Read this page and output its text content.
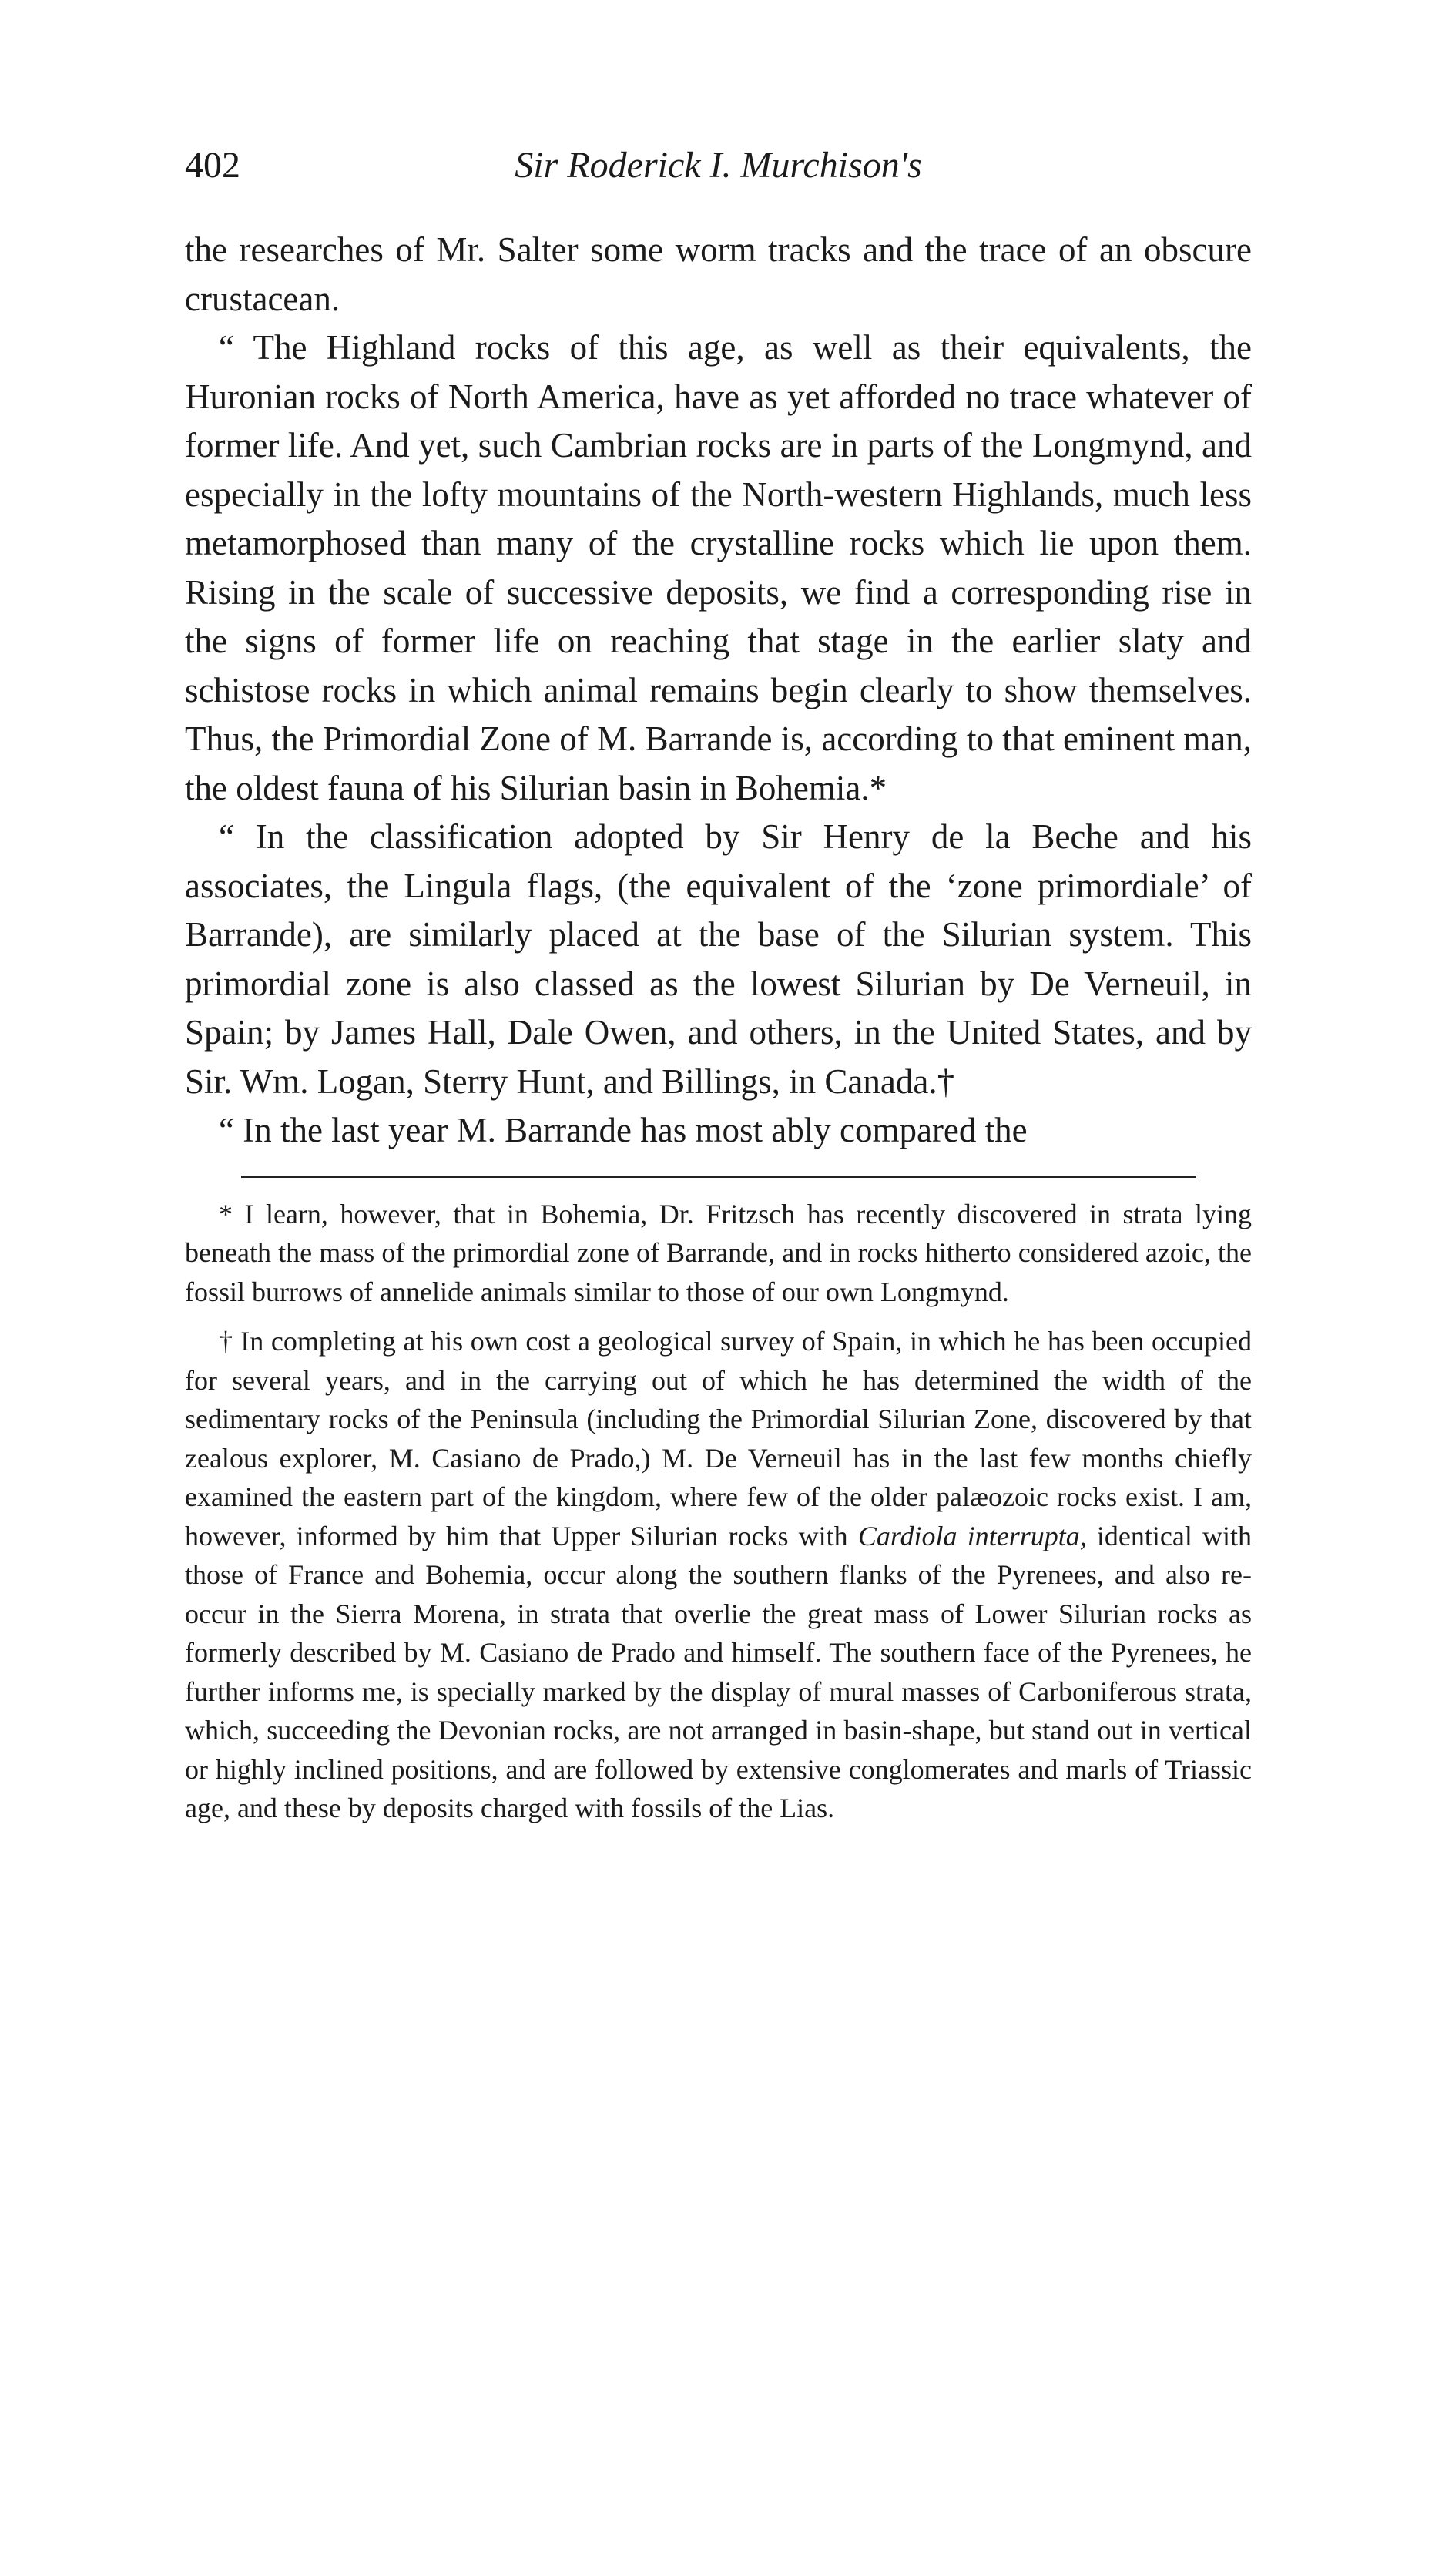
402	Sir Roderick I. Murchison's

the researches of Mr. Salter some worm tracks and the trace of an obscure crustacean.

“ The Highland rocks of this age, as well as their equivalents, the Huronian rocks of North America, have as yet afforded no trace whatever of former life. And yet, such Cambrian rocks are in parts of the Longmynd, and especially in the lofty mountains of the North-western Highlands, much less metamorphosed than many of the crystalline rocks which lie upon them. Rising in the scale of successive deposits, we find a corresponding rise in the signs of former life on reaching that stage in the earlier slaty and schistose rocks in which animal remains begin clearly to show themselves. Thus, the Primordial Zone of M. Barrande is, according to that eminent man, the oldest fauna of his Silurian basin in Bohemia.*

“ In the classification adopted by Sir Henry de la Beche and his associates, the Lingula flags, (the equivalent of the ‘zone primordiale’ of Barrande), are similarly placed at the base of the Silurian system. This primordial zone is also classed as the lowest Silurian by De Verneuil, in Spain; by James Hall, Dale Owen, and others, in the United States, and by Sir. Wm. Logan, Sterry Hunt, and Billings, in Canada.†

“ In the last year M. Barrande has most ably compared the

* I learn, however, that in Bohemia, Dr. Fritzsch has recently discovered in strata lying beneath the mass of the primordial zone of Barrande, and in rocks hitherto considered azoic, the fossil burrows of annelide animals similar to those of our own Longmynd.

† In completing at his own cost a geological survey of Spain, in which he has been occupied for several years, and in the carrying out of which he has determined the width of the sedimentary rocks of the Peninsula (including the Primordial Silurian Zone, discovered by that zealous explorer, M. Casiano de Prado,) M. De Verneuil has in the last few months chiefly examined the eastern part of the kingdom, where few of the older palæozoic rocks exist. I am, however, informed by him that Upper Silurian rocks with Cardiola interrupta, identical with those of France and Bohemia, occur along the southern flanks of the Pyrenees, and also re-occur in the Sierra Morena, in strata that overlie the great mass of Lower Silurian rocks as formerly described by M. Casiano de Prado and himself. The southern face of the Pyrenees, he further informs me, is specially marked by the display of mural masses of Carboniferous strata, which, succeeding the Devonian rocks, are not arranged in basin-shape, but stand out in vertical or highly inclined positions, and are followed by extensive conglomerates and marls of Triassic age, and these by deposits charged with fossils of the Lias.
